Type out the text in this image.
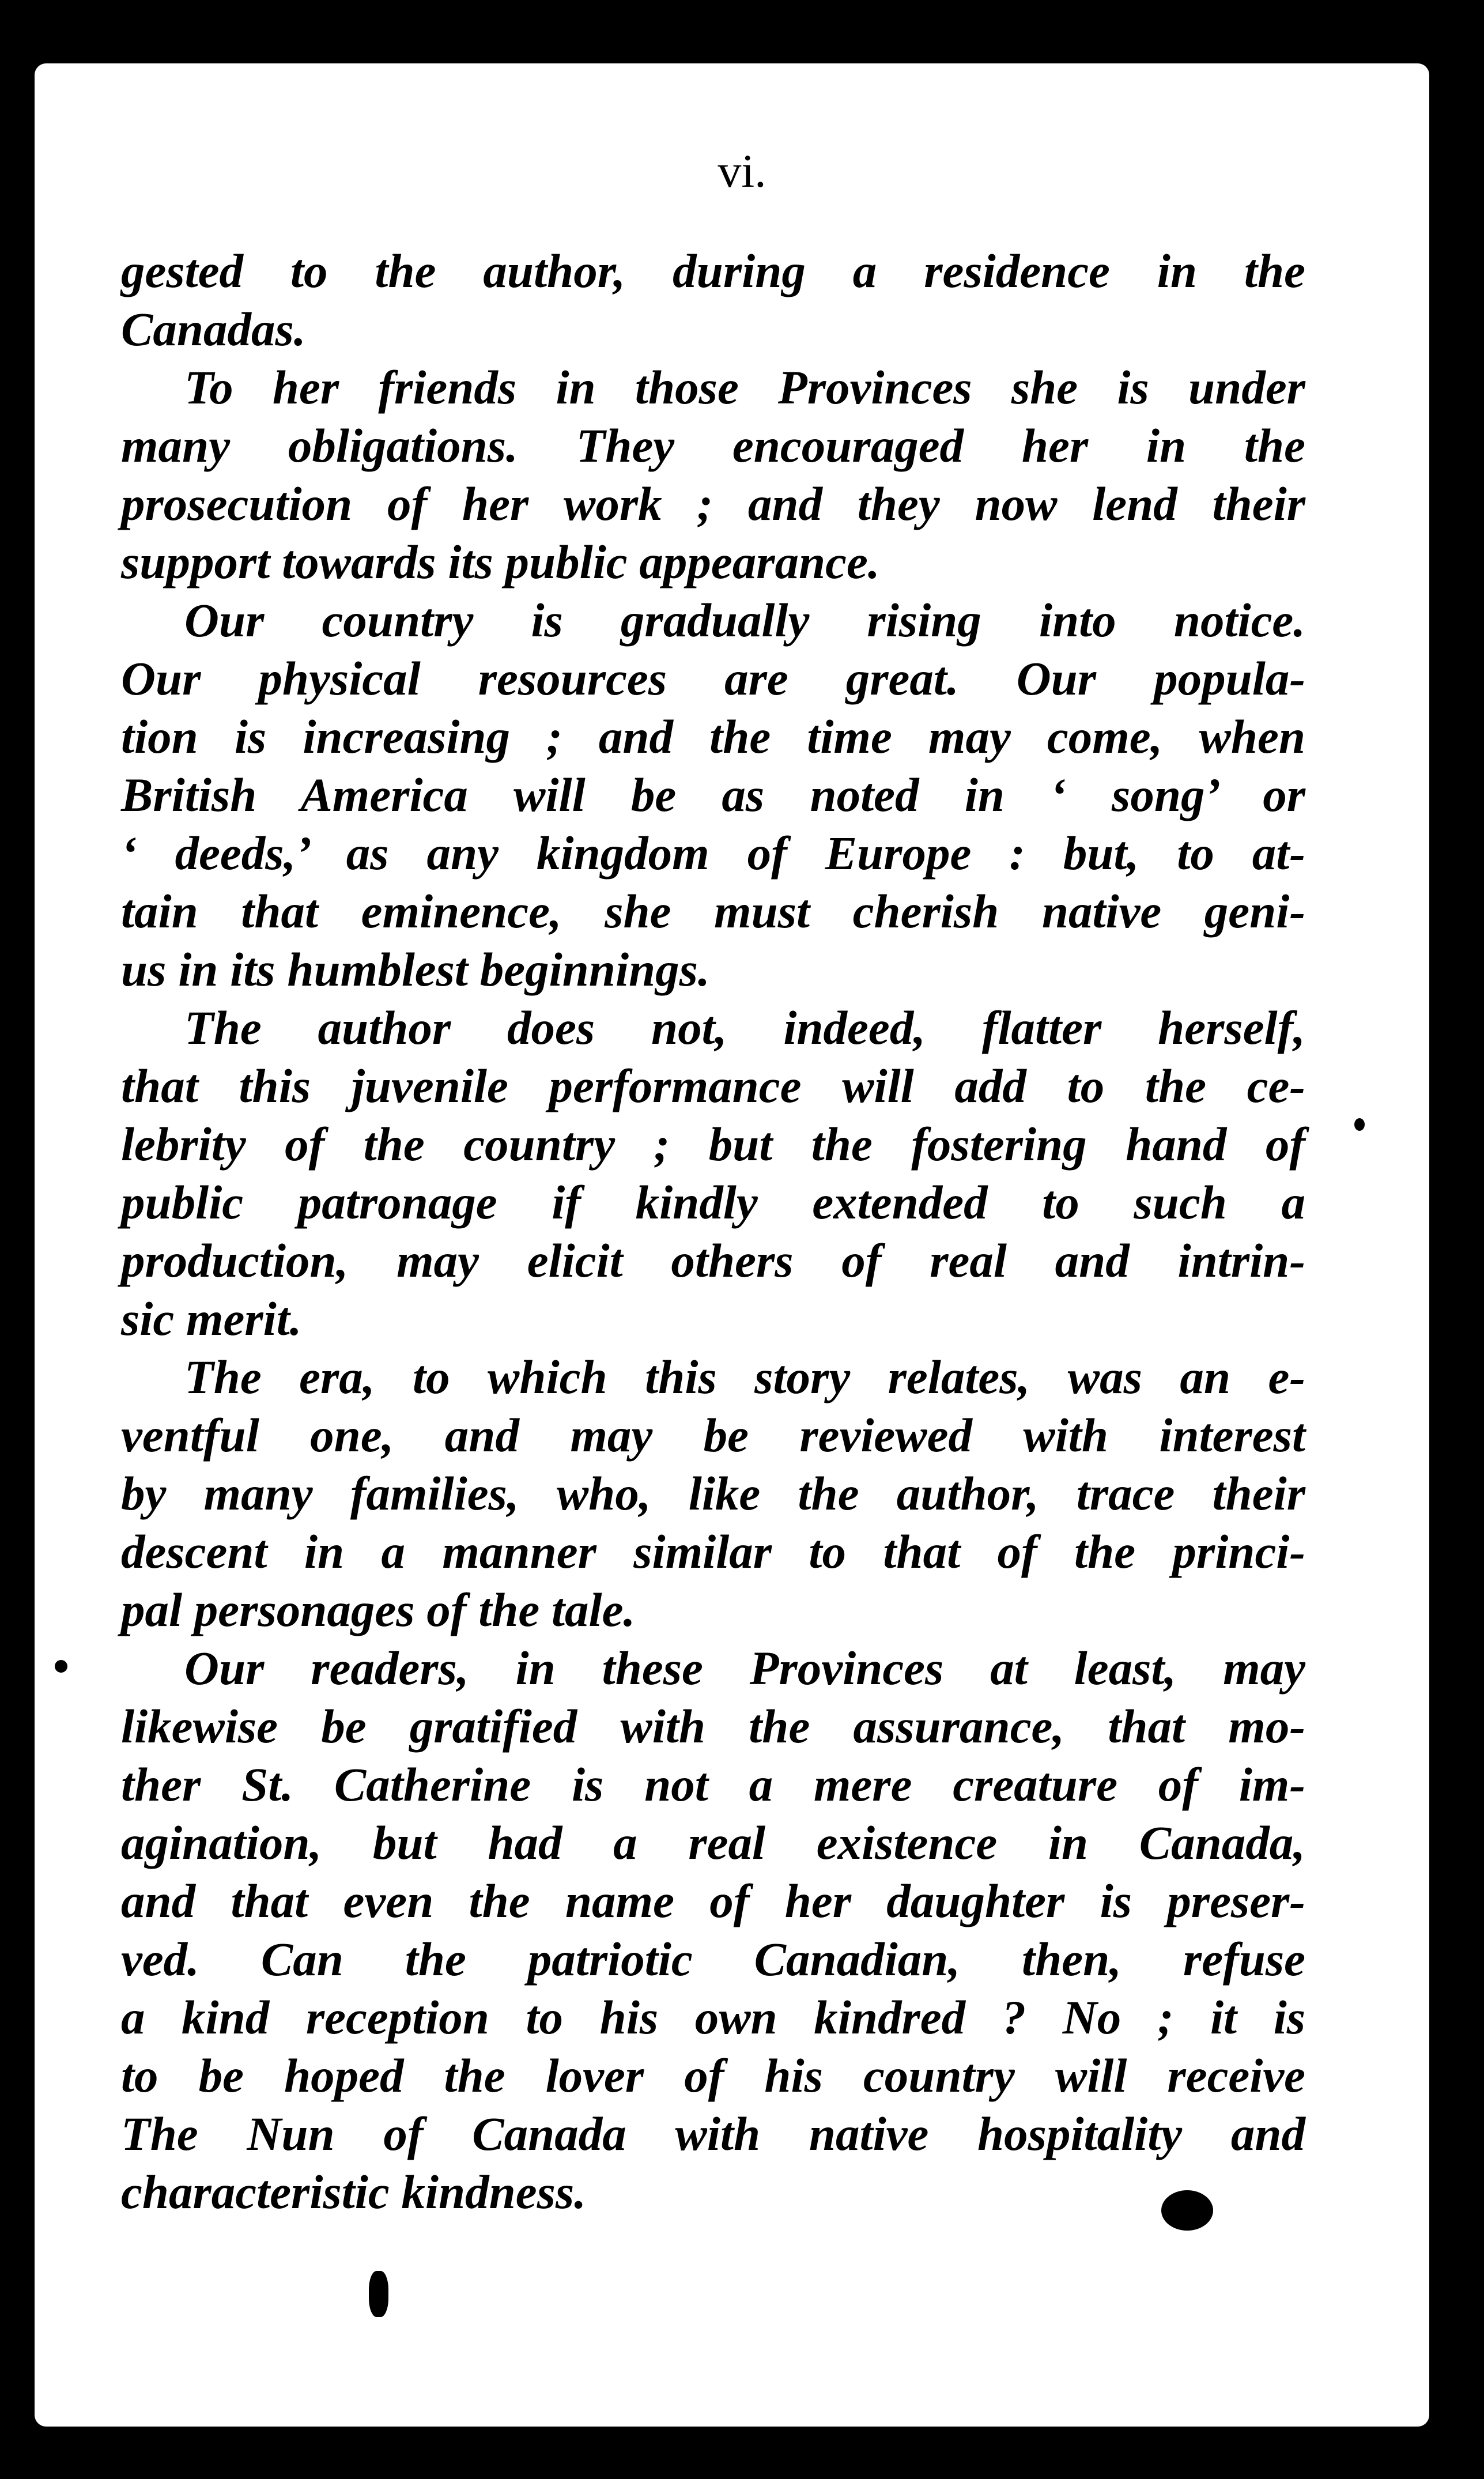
vi.

gested to the author, during a residence in the
Canadas.

To her friends in those Provinces she is under
many obligations. They encouraged her in the
prosecution of her work ; and they now lend their
support towards its public appearance.

Our country is gradually rising into notice.
Our physical resources are great. Our popula-
tion is increasing ; and the time may come, when
British America will be as noted in ‘ song’ or
‘ deeds,’ as any kingdom of Europe : but, to at-
tain that eminence, she must cherish native geni-
us in its humblest beginnings.

The author does not, indeed, flatter herself,
that this juvenile performance will add to the ce-
lebrity of the country ; but the fostering hand of
public patronage if kindly extended to such a
production, may elicit others of real and intrin-
sic merit.

The era, to which this story relates, was an e-
ventful one, and may be reviewed with interest
by many families, who, like the author, trace their
descent in a manner similar to that of the princi-
pal personages of the tale.

Our readers, in these Provinces at least, may
likewise be gratified with the assurance, that mo-
ther St. Catherine is not a mere creature of im-
agination, but had a real existence in Canada,
and that even the name of her daughter is preser-
ved. Can the patriotic Canadian, then, refuse
a kind reception to his own kindred ? No ; it is
to be hoped the lover of his country will receive
The Nun of Canada with native hospitality and
characteristic kindness.
